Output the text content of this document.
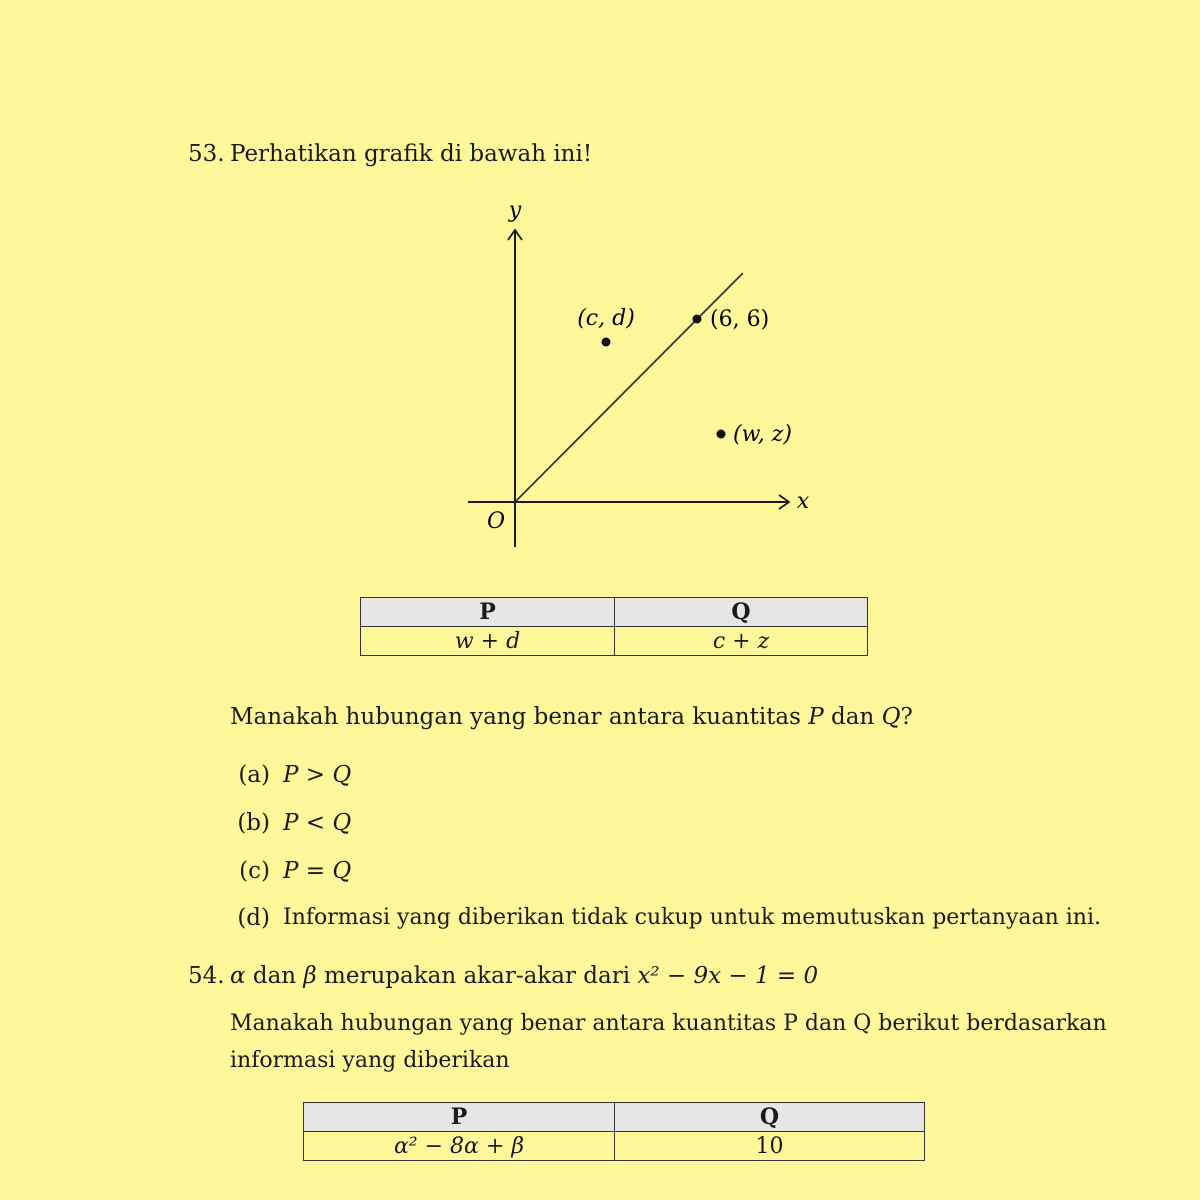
53. Perhatikan grafik di bawah ini!
y
x
O
(6, 6)
(c, d)
(w, z)
P	Q
w + d	c + z
Manakah hubungan yang benar antara kuantitas P dan Q?
(a) P > Q
(b) P < Q
(c) P = Q
(d) Informasi yang diberikan tidak cukup untuk memutuskan pertanyaan ini.
54. α dan β merupakan akar-akar dari x² − 9x − 1 = 0
Manakah hubungan yang benar antara kuantitas P dan Q berikut berdasarkan
informasi yang diberikan
P	Q
α² − 8α + β	10
